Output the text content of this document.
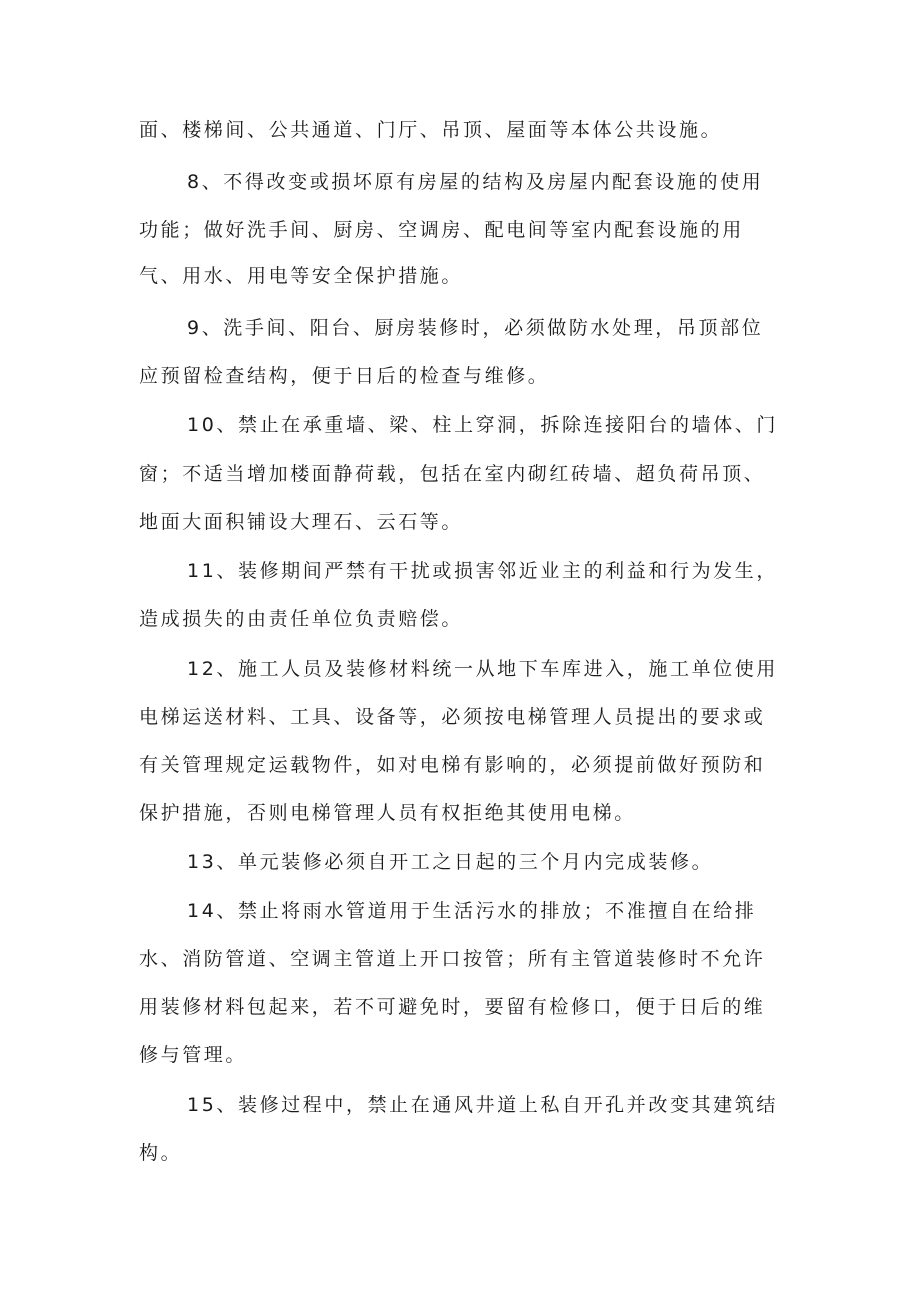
面、楼梯间、公共通道、门厅、吊顶、屋面等本体公共设施。

8、不得改变或损坏原有房屋的结构及房屋内配套设施的使用

功能；做好洗手间、厨房、空调房、配电间等室内配套设施的用

气、用水、用电等安全保护措施。

9、洗手间、阳台、厨房装修时，必须做防水处理，吊顶部位

应预留检查结构，便于日后的检查与维修。

10、禁止在承重墙、梁、柱上穿洞，拆除连接阳台的墙体、门

窗；不适当增加楼面静荷载，包括在室内砌红砖墙、超负荷吊顶、

地面大面积铺设大理石、云石等。

11、装修期间严禁有干扰或损害邻近业主的利益和行为发生，

造成损失的由责任单位负责赔偿。

12、施工人员及装修材料统一从地下车库进入，施工单位使用

电梯运送材料、工具、设备等，必须按电梯管理人员提出的要求或

有关管理规定运载物件，如对电梯有影响的，必须提前做好预防和

保护措施，否则电梯管理人员有权拒绝其使用电梯。

13、单元装修必须自开工之日起的三个月内完成装修。

14、禁止将雨水管道用于生活污水的排放；不准擅自在给排

水、消防管道、空调主管道上开口按管；所有主管道装修时不允许

用装修材料包起来，若不可避免时，要留有检修口，便于日后的维

修与管理。

15、装修过程中，禁止在通风井道上私自开孔并改变其建筑结

构。
